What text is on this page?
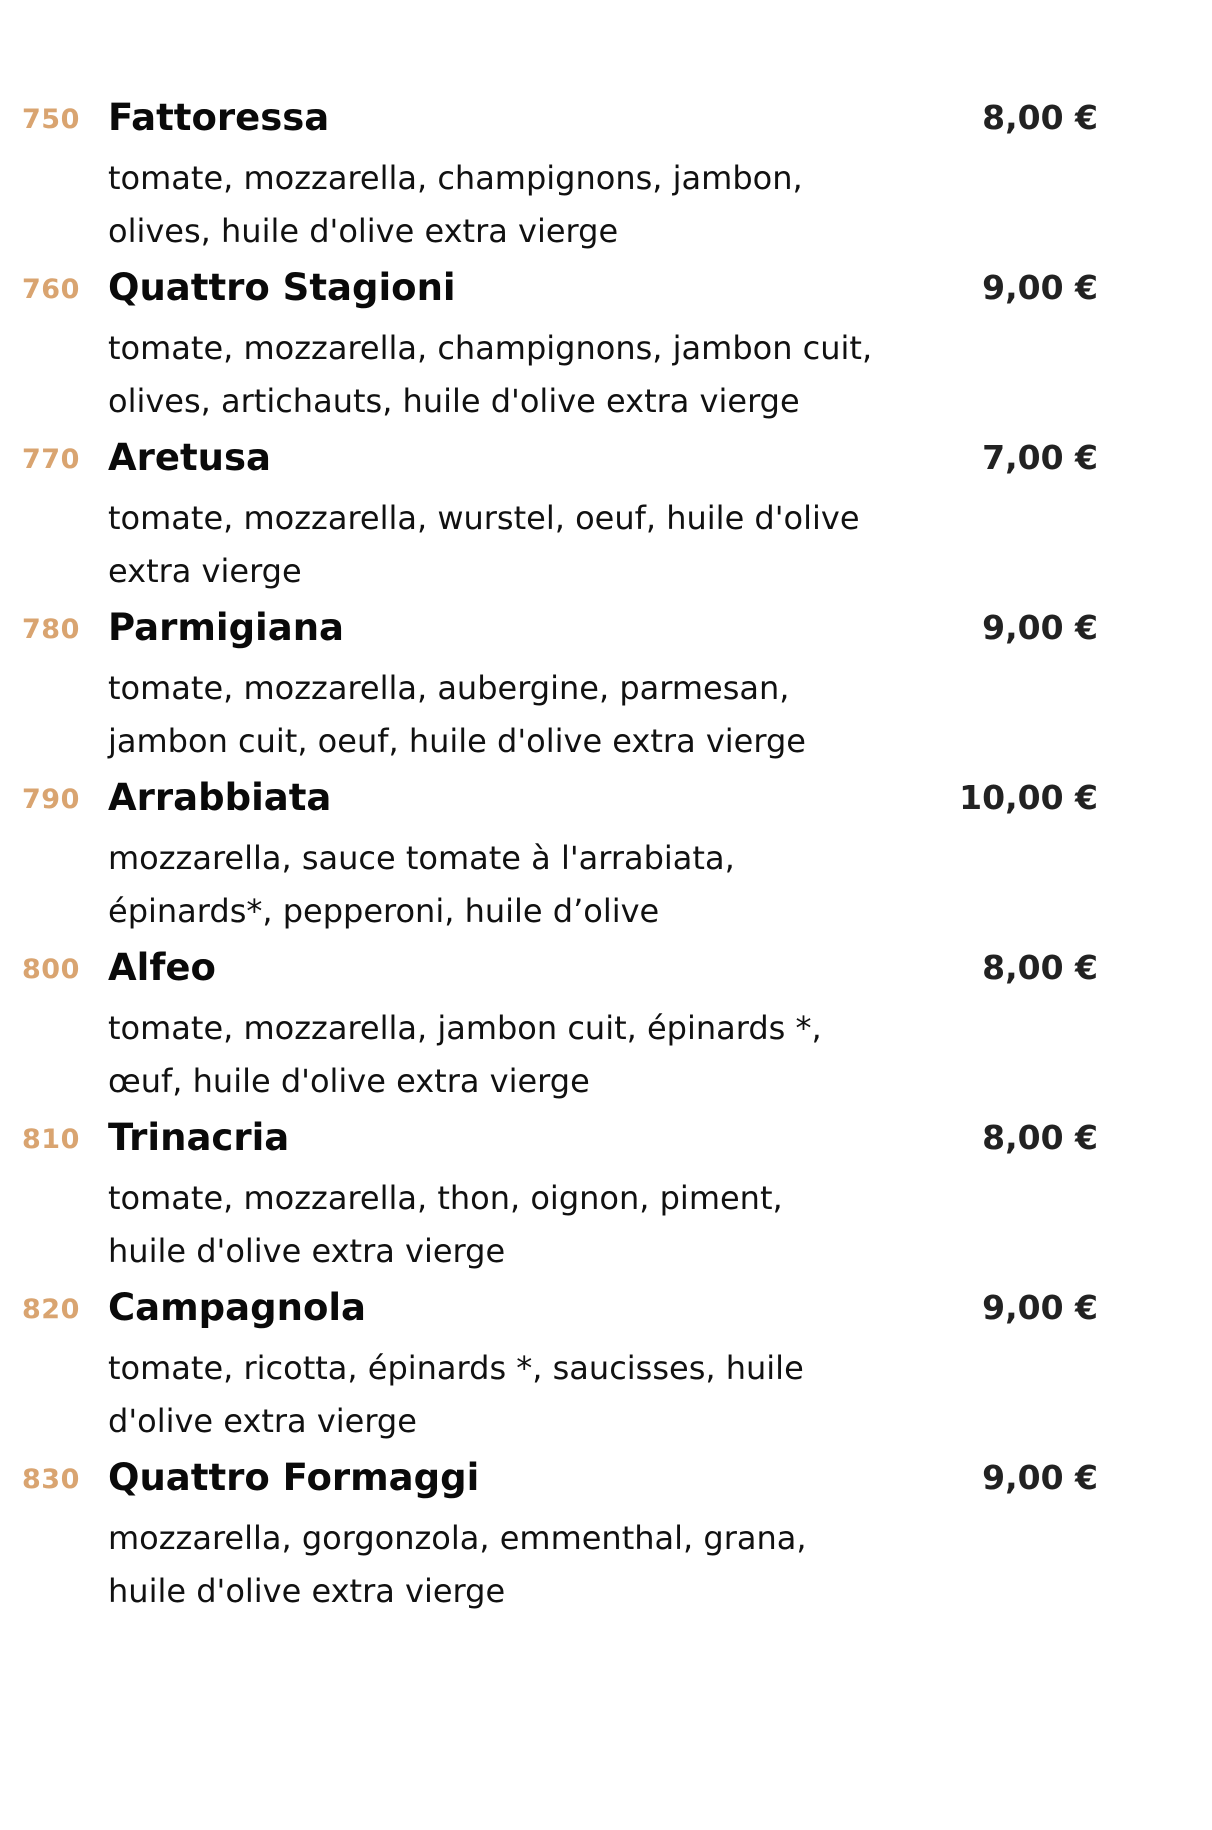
750 Fattoressa	8,00 €
tomate, mozzarella, champignons, jambon,
olives, huile d'olive extra vierge
760 Quattro Stagioni	9,00 €
tomate, mozzarella, champignons, jambon cuit,
olives, artichauts, huile d'olive extra vierge
770 Aretusa	7,00 €
tomate, mozzarella, wurstel, oeuf, huile d'olive
extra vierge
780 Parmigiana	9,00 €
tomate, mozzarella, aubergine, parmesan,
jambon cuit, oeuf, huile d'olive extra vierge
790 Arrabbiata	10,00 €
mozzarella, sauce tomate à l'arrabiata,
épinards*, pepperoni, huile d’olive
800 Alfeo	8,00 €
tomate, mozzarella, jambon cuit, épinards *,
œuf, huile d'olive extra vierge
810 Trinacria	8,00 €
tomate, mozzarella, thon, oignon, piment,
huile d'olive extra vierge
820 Campagnola	9,00 €
tomate, ricotta, épinards *, saucisses, huile
d'olive extra vierge
830 Quattro Formaggi	9,00 €
mozzarella, gorgonzola, emmenthal, grana,
huile d'olive extra vierge
